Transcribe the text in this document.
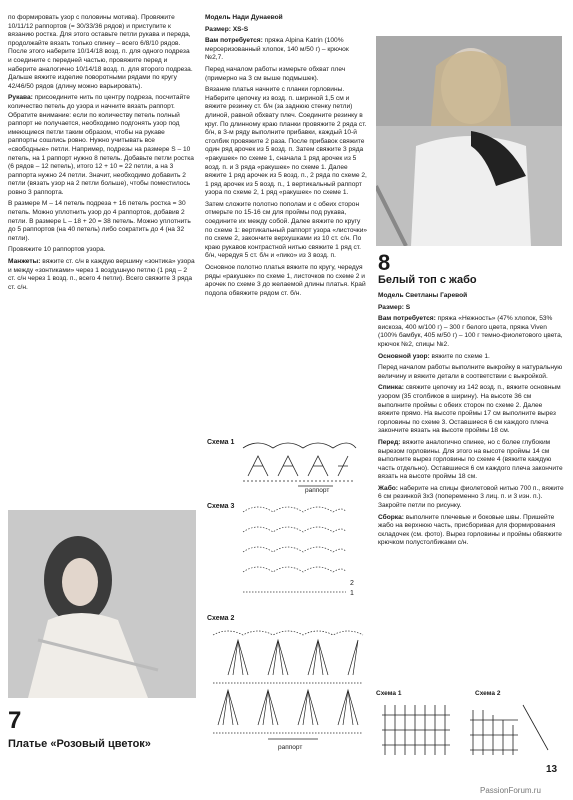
по формировать узор с половины мотива). Провяжите 10/11/12 раппортов (= 30/33/36 рядов) и приступите к вязанию ростка. Для этого оставьте петли рукава и переда, продолжайте вязать только спинку – всего 6/8/10 рядов. После этого наберите 10/14/18 возд. п. для одного подреза и соедините с передней частью, провяжите перед и наберите аналогично 10/14/18 возд. п. для второго подреза. Дальше вяжите изделие поворотными рядами по кругу 42/46/50 рядов (длину можно варьировать).

Рукава: присоедините нить по центру подреза, посчитайте количество петель до узора и начните вязать раппорт. Обратите внимание: если по количеству петель полный раппорт не получается, необходимо подгонять узор под имеющиеся петли таким образом, чтобы на рукаве раппорты сошлись ровно. Нужно учитывать все «свободные» петли. Например, подрезы на размере S – 10 петель, на 1 раппорт нужно 8 петель. Добавьте петли ростка (6 рядов – 12 петель), итого 12 + 10 = 22 петли, а на 3 раппорта нужно 24 петли. Значит, необходимо добавить 2 петли (вязать узор на 2 петли больше), чтобы поместилось ровно 3 раппорта.

В размере М – 14 петель подреза + 16 петель ростка = 30 петель. Можно уплотнить узор до 4 раппортов, добавив 2 петли. В размере L – 18 + 20 = 38 петель. Можно уплотнить до 5 раппортов (на 40 петель) либо сократить до 4 (на 32 петли).

Провяжите 10 раппортов узора.

Манжеты: вяжите ст. с/н в каждую вершину «зонтика» узора и между «зонтиками» через 1 воздушную петлю (1 ряд – 2 ст. с/н через 1 возд. п., всего 4 петли). Всего свяжите 3 ряда ст. с/н.

7
Платье «Розовый цветок»

Модель Нади Дунаевой

Размер: XS-S

Вам потребуется: пряжа Alpina Katrin (100% мерсеризованный хлопок, 140 м/50 г) – крючок №2,7.

Перед началом работы измерьте обхват плеч (примерно на 3 см выше подмышек).

Вязание платья начните с планки горловины. Наберите цепочку из возд. п. шириной 1,5 см и вяжите резинку ст. б/н (за заднюю стенку петли) длиной, равной обхвату плеч. Соедините резинку в круг. По длинному краю планки провяжите 2 ряда ст. б/н, в 3-м ряду выполните прибавки, каждый 10-й столбик провяжите 2 раза. После прибавок свяжите один ряд арочек из 5 возд. п. Затем свяжите 3 ряда «ракушек» по схеме 1, сначала 1 ряд арочек из 5 возд. п. и 3 ряда «ракушек» по схеме 1. Далее вяжите 1 ряд арочек из 5 возд. п., 2 ряда по схеме 2, 1 ряд арочек из 5 возд. п., 1 вертикальный раппорт узора по схеме 2, 1 ряд «ракушек» по схеме 1.

Затем сложите полотно пополам и с обеих сторон отмерьте по 15-16 см для проймы под рукава, соедините их между собой. Далее вяжите по кругу по схеме 1: вертикальный раппорт узора «листочки» по схеме 2, закончите верхушками из 10 ст. с/н. По краю рукавов контрастной нитью свяжите 1 ряд ст. б/н, чередуя 5 ст. б/н и «пико» из 3 возд. п.

Основное полотно платья вяжите по кругу, чередуя ряды «ракушек» по схеме 1, листочков по схеме 2 и арочек по схеме 3 до желаемой длины платья. Край подола обвяжите рядом ст. б/н.

Схема 1
раппорт
Схема 3
2
1
Схема 2
раппорт
8
Белый топ с жабо

Модель Светланы Гаревой

Размер: S

Вам потребуется: пряжа «Нежность» (47% хлопок, 53% вискоза, 400 м/100 г) – 300 г белого цвета, пряжа Viven (100% бамбук, 405 м/50 г) – 100 г темно-фиолетового цвета, крючок №2, спицы №2.

Основной узор: вяжите по схеме 1.

Перед началом работы выполните выкройку в натуральную величину и вяжите детали в соответствии с выкройкой.

Спинка: свяжите цепочку из 142 возд. п., вяжите основным узором (35 столбиков в ширину). На высоте 36 см выполните проймы с обеих сторон по схеме 2. Далее вяжите прямо. На высоте проймы 17 см выполните вырез горловины по схеме 3. Оставшиеся 6 см каждого плеча закончите вязать на высоте проймы 18 см.

Перед: вяжите аналогично спинке, но с более глубоким вырезом горловины. Для этого на высоте проймы 14 см выполните вырез горловины по схеме 4 (вяжите каждую часть отдельно). Оставшиеся 6 см каждого плеча закончите вязать на высоте проймы 18 см.

Жабо: наберите на спицы фиолетовой нитью 700 п., вяжите 6 см резинкой 3х3 (попеременно 3 лиц. п. и 3 изн. п.). Закройте петли по рисунку.

Сборка: выполните плечевые и боковые швы. Пришейте жабо на верхнюю часть, присборивая для формирования складочек (см. фото). Вырез горловины и проймы обвяжите крючком полустолбиками с/н.

Схема 1	Схема 2
13
PassionForum.ru
